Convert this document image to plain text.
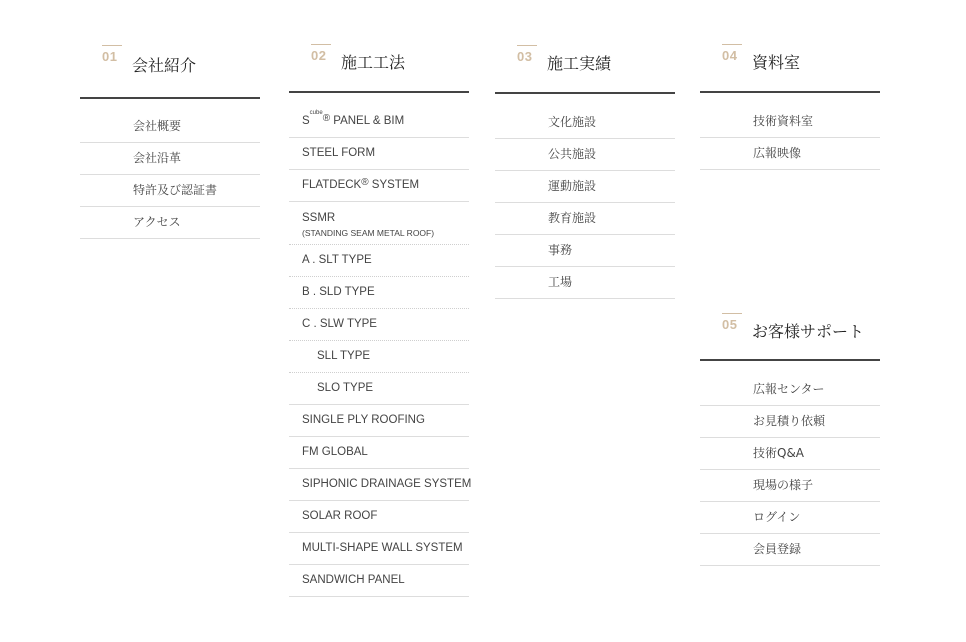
01 会社紹介
会社概要
会社沿革
特許及び認証書
アクセス
02 施工工法
$S^{cube}®$ PANEL & BIM
STEEL FORM
FLATDECK® SYSTEM
SSMR
(STANDING SEAM METAL ROOF)
A . SLT TYPE
B . SLD TYPE
C . SLW TYPE
SLL TYPE
SLO TYPE
SINGLE PLY ROOFING
FM GLOBAL
SIPHONIC DRAINAGE SYSTEM
SOLAR ROOF
MULTI-SHAPE WALL SYSTEM
SANDWICH PANEL
03 施工実績
文化施設
公共施設
運動施設
教育施設
事務
工場
04 資料室
技術資料室
広報映像
05 お客様サポート
広報センター
お見積り依頼
技術Q&A
現場の様子
ログイン
会員登録
